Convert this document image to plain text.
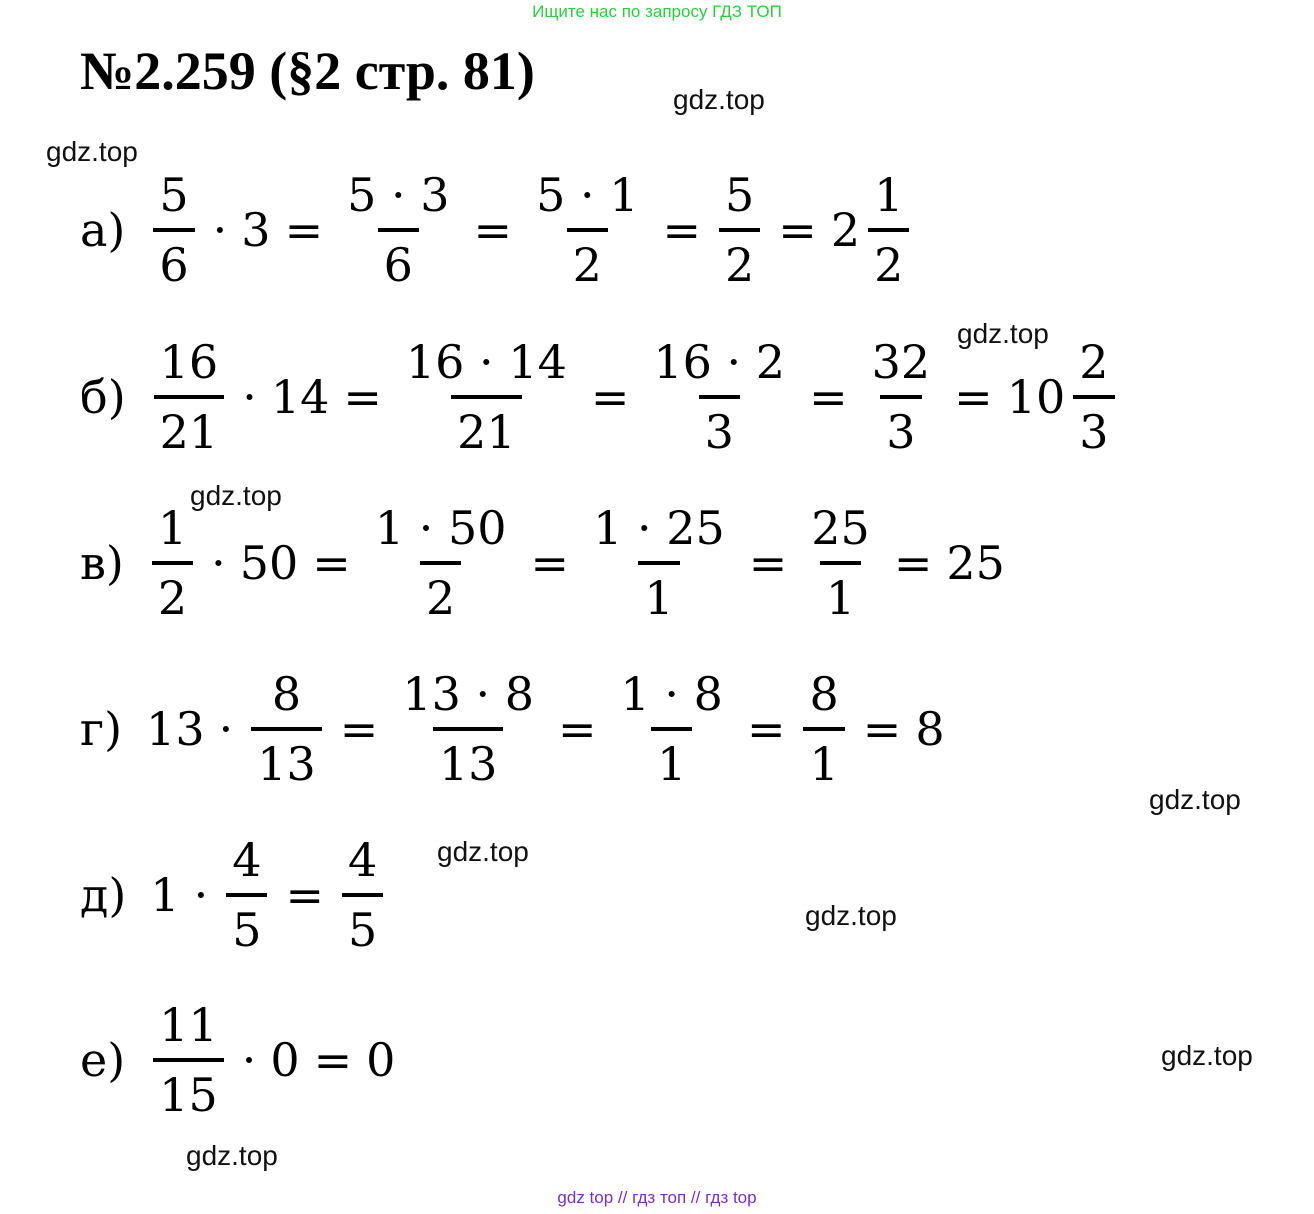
Ищите нас по запросу ГДЗ ТОП
№2.259 (§2 стр. 81)	gdz.top
gdz.top
gdz.top
gdz.top
gdz.top
gdz.top
gdz.top
gdz.top
gdz.top
$а) \frac{5}{6} \cdot 3 = \frac{5 \cdot 3}{6} = \frac{5 \cdot 1}{2} = \frac{5}{2} = 2 \frac{1}{2}$
$б) \frac{16}{21} \cdot 14 = \frac{16 \cdot 14}{21} = \frac{16 \cdot 2}{3} = \frac{32}{3} = 10 \frac{2}{3}$
$в) \frac{1}{2} \cdot 50 = \frac{1 \cdot 50}{2} = \frac{1 \cdot 25}{1} = \frac{25}{1} = 25$
г) $13 \cdot \frac{8}{13} = \frac{13 \cdot 8}{13} = \frac{1 \cdot 8}{1} = \frac{8}{1} = 8$
д) $1 \cdot \frac{4}{5} = \frac{4}{5}$
$е) \frac{11}{15} \cdot 0 = 0$
gdz top // гдз топ // гдз top
